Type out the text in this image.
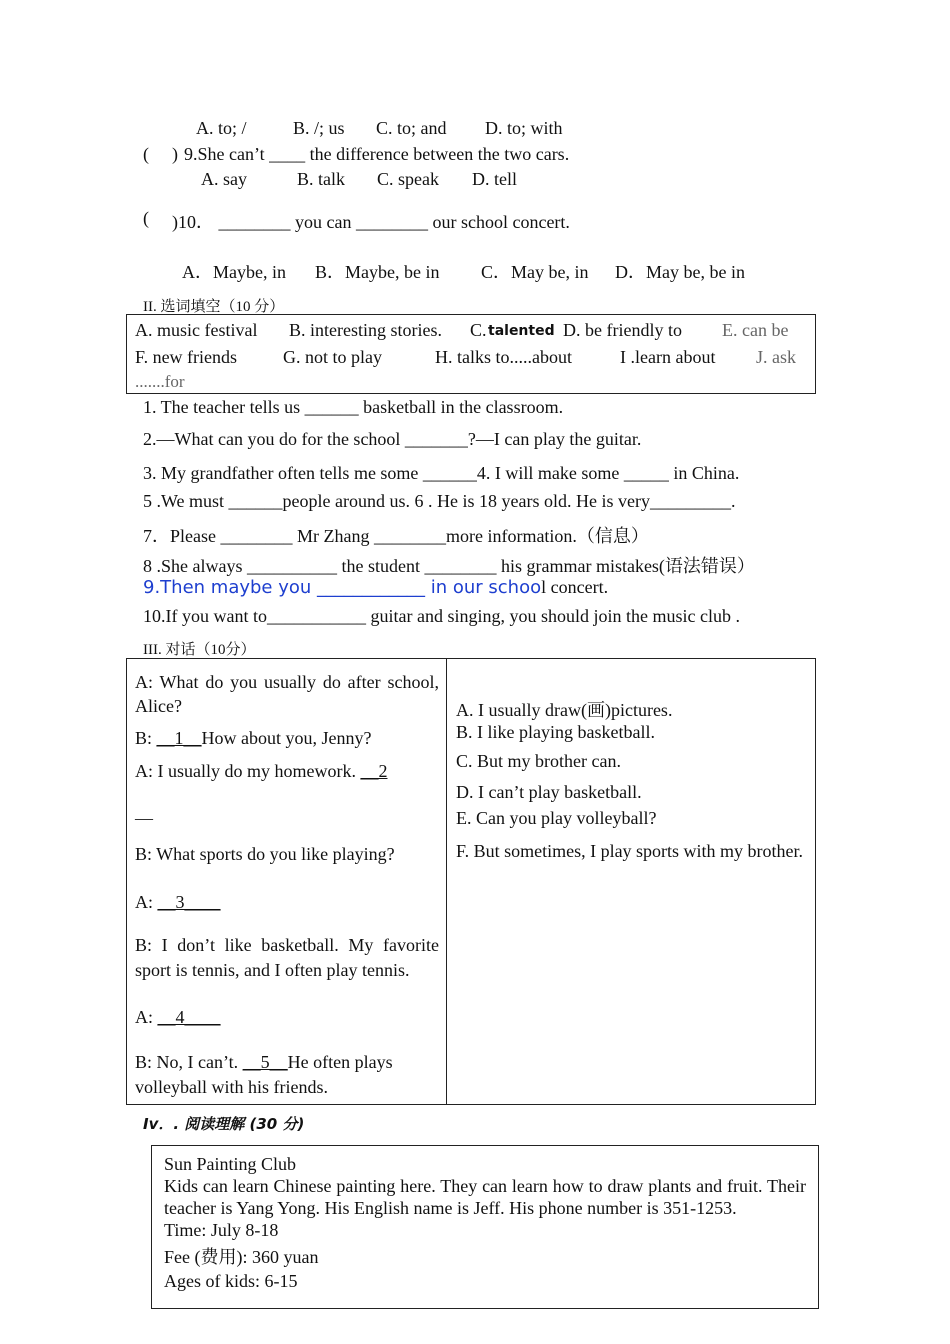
A. to; /	B. /; us C. to; and D. to; with
( ) 9.She can’t ____ the difference between the two cars.
A. say	B. talk C. speak D. tell
( )10． ________ you can ________ our school concert.
A．Maybe, in B．Maybe, be in C．May be, in D．May be, be in
II. 选词填空（10 分）
A. music festival B. interesting stories. C. talented D. be friendly to E. can be
F. new friends	G. not to play	H. talks to.....about	I .learn about J. ask
.......for
1. The teacher tells us ______ basketball in the classroom.
2.—What can you do for the school _______?—I can play the guitar.
3. My grandfather often tells me some ______4. I will make some _____ in China.
5 .We must ______people around us. 6 . He is 18 years old. He is very_________.
7．Please ________ Mr Zhang ________more information.（信息）
8 .She always __________ the student ________ his grammar mistakes(语法错误）
9.Then maybe you ____________ in our school concert.
10.If you want to___________ guitar and singing, you should join the music club .
III. 对话（10分）
A: What do you usually do after school, Alice?
B: __1__How about you, Jenny?
A: I usually do my homework. __2
—
B: What sports do you like playing?
A: __3____
B: I don’t like basketball. My favorite sport is tennis, and I often play tennis.
A: __4____
B: No, I can’t. __5__He often plays volleyball with his friends.
A. I usually draw(画)pictures.
B. I like playing basketball.
C. But my brother can.
D. I can’t play basketball.
E. Can you play volleyball?
F. But sometimes, I play sports with my brother.
Iv．. 阅读理解 (30 分)
Sun Painting Club
Kids can learn Chinese painting here. They can learn how to draw plants and fruit. Their teacher is Yang Yong. His English name is Jeff. His phone number is 351-1253.
Time: July 8-18
Fee (费用): 360 yuan
Ages of kids: 6-15
